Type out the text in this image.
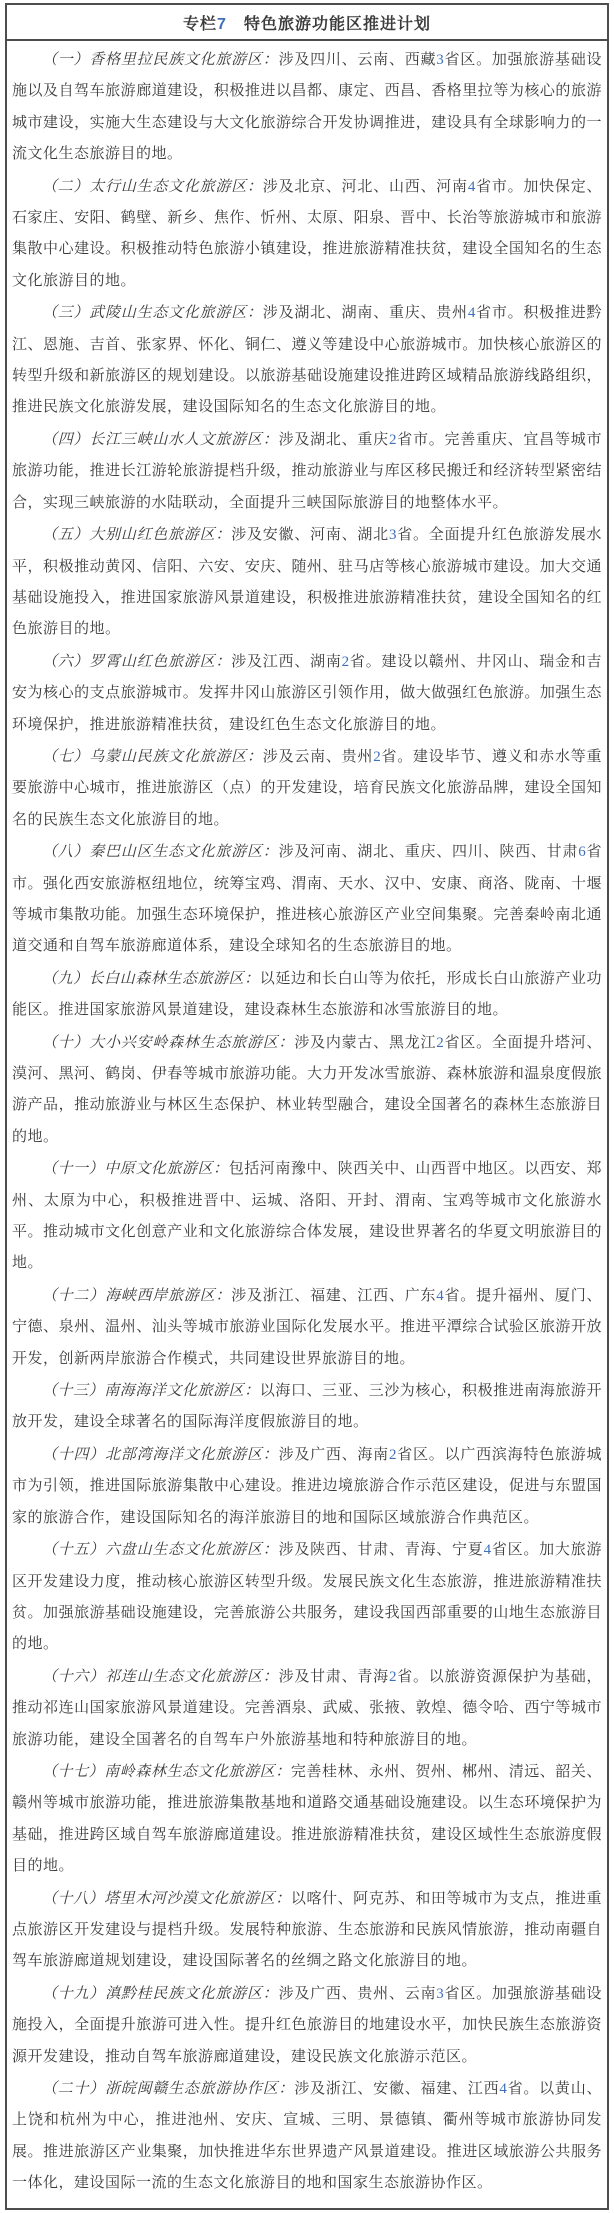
专栏7　特色旅游功能区推进计划

（一）香格里拉民族文化旅游区：涉及四川、云南、西藏3省区。加强旅游基础设施以及自驾车旅游廊道建设，积极推进以昌都、康定、西昌、香格里拉等为核心的旅游城市建设，实施大生态建设与大文化旅游综合开发协调推进，建设具有全球影响力的一流文化生态旅游目的地。

（二）太行山生态文化旅游区：涉及北京、河北、山西、河南4省市。加快保定、石家庄、安阳、鹤壁、新乡、焦作、忻州、太原、阳泉、晋中、长治等旅游城市和旅游集散中心建设。积极推动特色旅游小镇建设，推进旅游精准扶贫，建设全国知名的生态文化旅游目的地。

（三）武陵山生态文化旅游区：涉及湖北、湖南、重庆、贵州4省市。积极推进黔江、恩施、吉首、张家界、怀化、铜仁、遵义等建设中心旅游城市。加快核心旅游区的转型升级和新旅游区的规划建设。以旅游基础设施建设推进跨区域精品旅游线路组织，推进民族文化旅游发展，建设国际知名的生态文化旅游目的地。

（四）长江三峡山水人文旅游区：涉及湖北、重庆2省市。完善重庆、宜昌等城市旅游功能，推进长江游轮旅游提档升级，推动旅游业与库区移民搬迁和经济转型紧密结合，实现三峡旅游的水陆联动，全面提升三峡国际旅游目的地整体水平。

（五）大别山红色旅游区：涉及安徽、河南、湖北3省。全面提升红色旅游发展水平，积极推动黄冈、信阳、六安、安庆、随州、驻马店等核心旅游城市建设。加大交通基础设施投入，推进国家旅游风景道建设，积极推进旅游精准扶贫，建设全国知名的红色旅游目的地。

（六）罗霄山红色旅游区：涉及江西、湖南2省。建设以赣州、井冈山、瑞金和吉安为核心的支点旅游城市。发挥井冈山旅游区引领作用，做大做强红色旅游。加强生态环境保护，推进旅游精准扶贫，建设红色生态文化旅游目的地。

（七）乌蒙山民族文化旅游区：涉及云南、贵州2省。建设毕节、遵义和赤水等重要旅游中心城市，推进旅游区（点）的开发建设，培育民族文化旅游品牌，建设全国知名的民族生态文化旅游目的地。

（八）秦巴山区生态文化旅游区：涉及河南、湖北、重庆、四川、陕西、甘肃6省市。强化西安旅游枢纽地位，统筹宝鸡、渭南、天水、汉中、安康、商洛、陇南、十堰等城市集散功能。加强生态环境保护，推进核心旅游区产业空间集聚。完善秦岭南北通道交通和自驾车旅游廊道体系，建设全球知名的生态旅游目的地。

（九）长白山森林生态旅游区：以延边和长白山等为依托，形成长白山旅游产业功能区。推进国家旅游风景道建设，建设森林生态旅游和冰雪旅游目的地。

（十）大小兴安岭森林生态旅游区：涉及内蒙古、黑龙江2省区。全面提升塔河、漠河、黑河、鹤岗、伊春等城市旅游功能。大力开发冰雪旅游、森林旅游和温泉度假旅游产品，推动旅游业与林区生态保护、林业转型融合，建设全国著名的森林生态旅游目的地。

（十一）中原文化旅游区：包括河南豫中、陕西关中、山西晋中地区。以西安、郑州、太原为中心，积极推进晋中、运城、洛阳、开封、渭南、宝鸡等城市文化旅游水平。推动城市文化创意产业和文化旅游综合体发展，建设世界著名的华夏文明旅游目的地。

（十二）海峡西岸旅游区：涉及浙江、福建、江西、广东4省。提升福州、厦门、宁德、泉州、温州、汕头等城市旅游业国际化发展水平。推进平潭综合试验区旅游开放开发，创新两岸旅游合作模式，共同建设世界旅游目的地。

（十三）南海海洋文化旅游区：以海口、三亚、三沙为核心，积极推进南海旅游开放开发，建设全球著名的国际海洋度假旅游目的地。

（十四）北部湾海洋文化旅游区：涉及广西、海南2省区。以广西滨海特色旅游城市为引领，推进国际旅游集散中心建设。推进边境旅游合作示范区建设，促进与东盟国家的旅游合作，建设国际知名的海洋旅游目的地和国际区域旅游合作典范区。

（十五）六盘山生态文化旅游区：涉及陕西、甘肃、青海、宁夏4省区。加大旅游区开发建设力度，推动核心旅游区转型升级。发展民族文化生态旅游，推进旅游精准扶贫。加强旅游基础设施建设，完善旅游公共服务，建设我国西部重要的山地生态旅游目的地。

（十六）祁连山生态文化旅游区：涉及甘肃、青海2省。以旅游资源保护为基础，推动祁连山国家旅游风景道建设。完善酒泉、武威、张掖、敦煌、德令哈、西宁等城市旅游功能，建设全国著名的自驾车户外旅游基地和特种旅游目的地。

（十七）南岭森林生态文化旅游区：完善桂林、永州、贺州、郴州、清远、韶关、赣州等城市旅游功能，推进旅游集散基地和道路交通基础设施建设。以生态环境保护为基础，推进跨区域自驾车旅游廊道建设。推进旅游精准扶贫，建设区域性生态旅游度假目的地。

（十八）塔里木河沙漠文化旅游区：以喀什、阿克苏、和田等城市为支点，推进重点旅游区开发建设与提档升级。发展特种旅游、生态旅游和民族风情旅游，推动南疆自驾车旅游廊道规划建设，建设国际著名的丝绸之路文化旅游目的地。

（十九）滇黔桂民族文化旅游区：涉及广西、贵州、云南3省区。加强旅游基础设施投入，全面提升旅游可进入性。提升红色旅游目的地建设水平，加快民族生态旅游资源开发建设，推动自驾车旅游廊道建设，建设民族文化旅游示范区。

（二十）浙皖闽赣生态旅游协作区：涉及浙江、安徽、福建、江西4省。以黄山、上饶和杭州为中心，推进池州、安庆、宣城、三明、景德镇、衢州等城市旅游协同发展。推进旅游区产业集聚，加快推进华东世界遗产风景道建设。推进区域旅游公共服务一体化，建设国际一流的生态文化旅游目的地和国家生态旅游协作区。
